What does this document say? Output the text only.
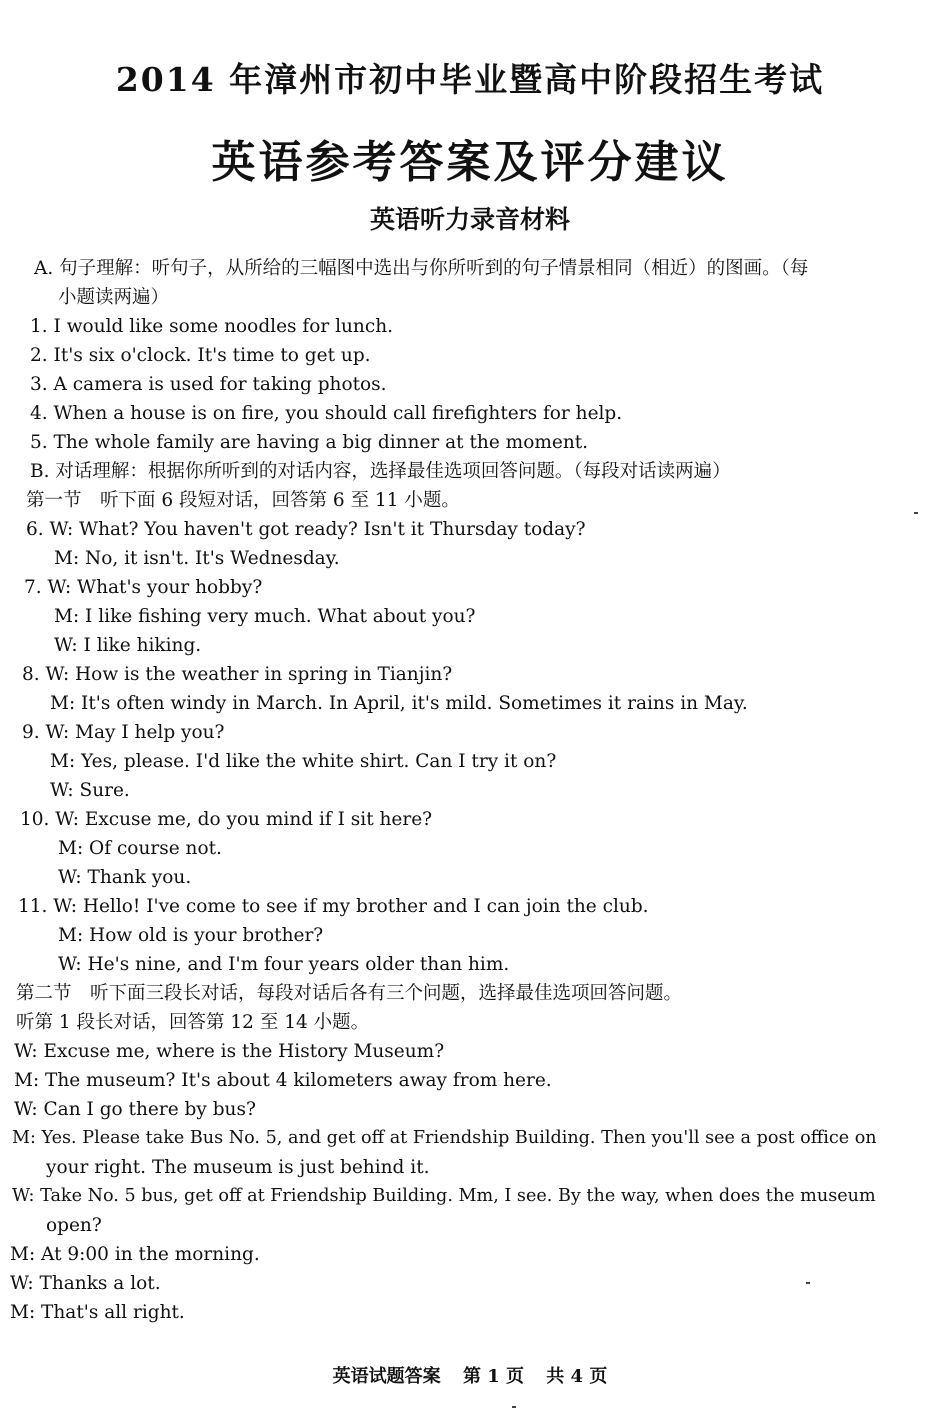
2014 年漳州市初中毕业暨高中阶段招生考试
英语参考答案及评分建议
英语听力录音材料
A. 句子理解：听句子，从所给的三幅图中选出与你所听到的句子情景相同（相近）的图画。（每
小题读两遍）
1. I would like some noodles for lunch.
2. It's six o'clock. It's time to get up.
3. A camera is used for taking photos.
4. When a house is on fire, you should call firefighters for help.
5. The whole family are having a big dinner at the moment.
B. 对话理解：根据你所听到的对话内容，选择最佳选项回答问题。（每段对话读两遍）
第一节　听下面 6 段短对话，回答第 6 至 11 小题。
6. W: What? You haven't got ready? Isn't it Thursday today?
M: No, it isn't. It's Wednesday.
7. W: What's your hobby?
M: I like fishing very much. What about you?
W: I like hiking.
8. W: How is the weather in spring in Tianjin?
M: It's often windy in March. In April, it's mild. Sometimes it rains in May.
9. W: May I help you?
M: Yes, please. I'd like the white shirt. Can I try it on?
W: Sure.
10. W: Excuse me, do you mind if I sit here?
M: Of course not.
W: Thank you.
11. W: Hello! I've come to see if my brother and I can join the club.
M: How old is your brother?
W: He's nine, and I'm four years older than him.
第二节　听下面三段长对话，每段对话后各有三个问题，选择最佳选项回答问题。
听第 1 段长对话，回答第 12 至 14 小题。
W: Excuse me, where is the History Museum?
M: The museum? It's about 4 kilometers away from here.
W: Can I go there by bus?
M: Yes. Please take Bus No. 5, and get off at Friendship Building. Then you'll see a post office on
your right. The museum is just behind it.
W: Take No. 5 bus, get off at Friendship Building. Mm, I see. By the way, when does the museum
open?
M: At 9:00 in the morning.
W: Thanks a lot.
M: That's all right.
英语试题答案 第 1 页 共 4 页
